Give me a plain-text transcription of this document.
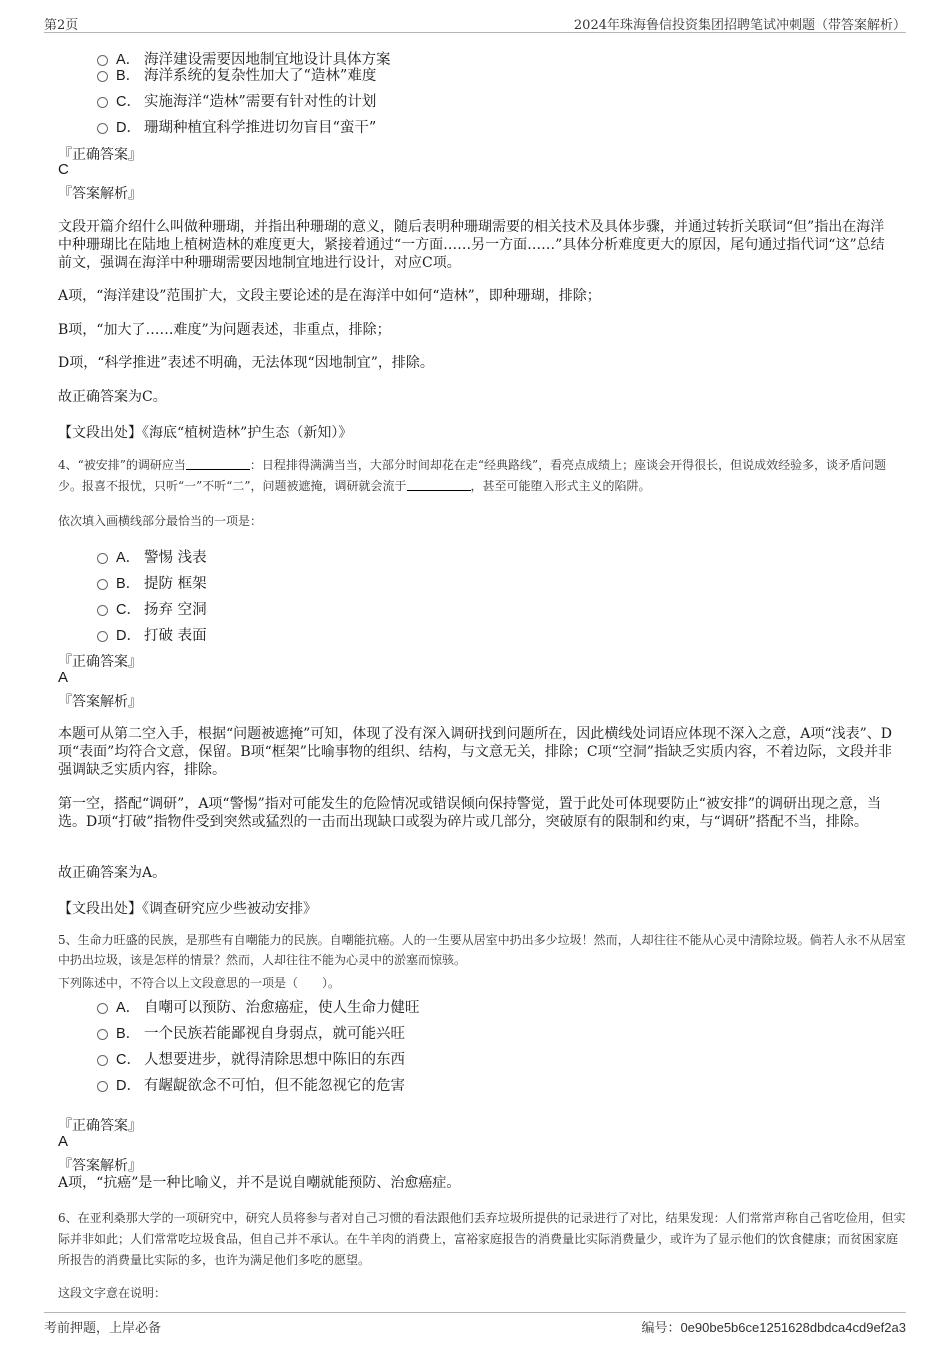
第2页	2024年珠海鲁信投资集团招聘笔试冲刺题（带答案解析）
A． 海洋建设需要因地制宜地设计具体方案
B． 海洋系统的复杂性加大了“造林”难度
C． 实施海洋“造林”需要有针对性的计划
D． 珊瑚种植宜科学推进切勿盲目“蛮干”
『正确答案』
C
『答案解析』
文段开篇介绍什么叫做种珊瑚，并指出种珊瑚的意义，随后表明种珊瑚需要的相关技术及具体步骤，并通过转折关联词“但”指出在海洋中种珊瑚比在陆地上植树造林的难度更大，紧接着通过“一方面……另一方面……”具体分析难度更大的原因，尾句通过指代词“这”总结前文，强调在海洋中种珊瑚需要因地制宜地进行设计，对应C项。
A项，“海洋建设”范围扩大，文段主要论述的是在海洋中如何“造林”，即种珊瑚，排除；
B项，“加大了……难度”为问题表述，非重点，排除；
D项，“科学推进”表述不明确，无法体现“因地制宜”，排除。
故正确答案为C。
【文段出处】《海底“植树造林”护生态（新知）》
4、“被安排”的调研应当	：日程排得满满当当，大部分时间却花在走“经典路线”，看亮点成绩上；座谈会开得很长，但说成效经验多，谈矛盾问题少。报喜不报忧，只听“一”不听“二”，问题被遮掩，调研就会流于	，甚至可能堕入形式主义的陷阱。
依次填入画横线部分最恰当的一项是：
A． 警惕 浅表
B． 提防 框架
C． 扬弃 空洞
D． 打破 表面
『正确答案』
A
『答案解析』
本题可从第二空入手，根据“问题被遮掩”可知，体现了没有深入调研找到问题所在，因此横线处词语应体现不深入之意，A项“浅表”、D项“表面”均符合文意，保留。B项“框架”比喻事物的组织、结构，与文意无关，排除；C项“空洞”指缺乏实质内容，不着边际，文段并非强调缺乏实质内容，排除。
第一空，搭配“调研”，A项“警惕”指对可能发生的危险情况或错误倾向保持警觉，置于此处可体现要防止“被安排”的调研出现之意，当选。D项“打破”指物件受到突然或猛烈的一击而出现缺口或裂为碎片或几部分，突破原有的限制和约束，与“调研”搭配不当，排除。
故正确答案为A。
【文段出处】《调查研究应少些被动安排》
5、生命力旺盛的民族，是那些有自嘲能力的民族。自嘲能抗癌。人的一生要从居室中扔出多少垃圾！然而，人却往往不能从心灵中清除垃圾。倘若人永不从居室中扔出垃圾，该是怎样的情景？然而，人却往往不能为心灵中的淤塞而惊骇。
下列陈述中，不符合以上文段意思的一项是（　　）。
A． 自嘲可以预防、治愈癌症，使人生命力健旺
B． 一个民族若能鄙视自身弱点，就可能兴旺
C． 人想要进步，就得清除思想中陈旧的东西
D． 有龌龊欲念不可怕，但不能忽视它的危害
『正确答案』
A
『答案解析』
A项，“抗癌”是一种比喻义，并不是说自嘲就能预防、治愈癌症。
6、在亚利桑那大学的一项研究中，研究人员将参与者对自己习惯的看法跟他们丢弃垃圾所提供的记录进行了对比，结果发现：人们常常声称自己省吃俭用，但实际并非如此；人们常常吃垃圾食品，但自己并不承认。在牛羊肉的消费上，富裕家庭报告的消费量比实际消费量少，或许为了显示他们的饮食健康；而贫困家庭所报告的消费量比实际的多，也许为满足他们多吃的愿望。
这段文字意在说明：
考前押题，上岸必备	编号：0e90be5b6ce1251628dbdca4cd9ef2a3
